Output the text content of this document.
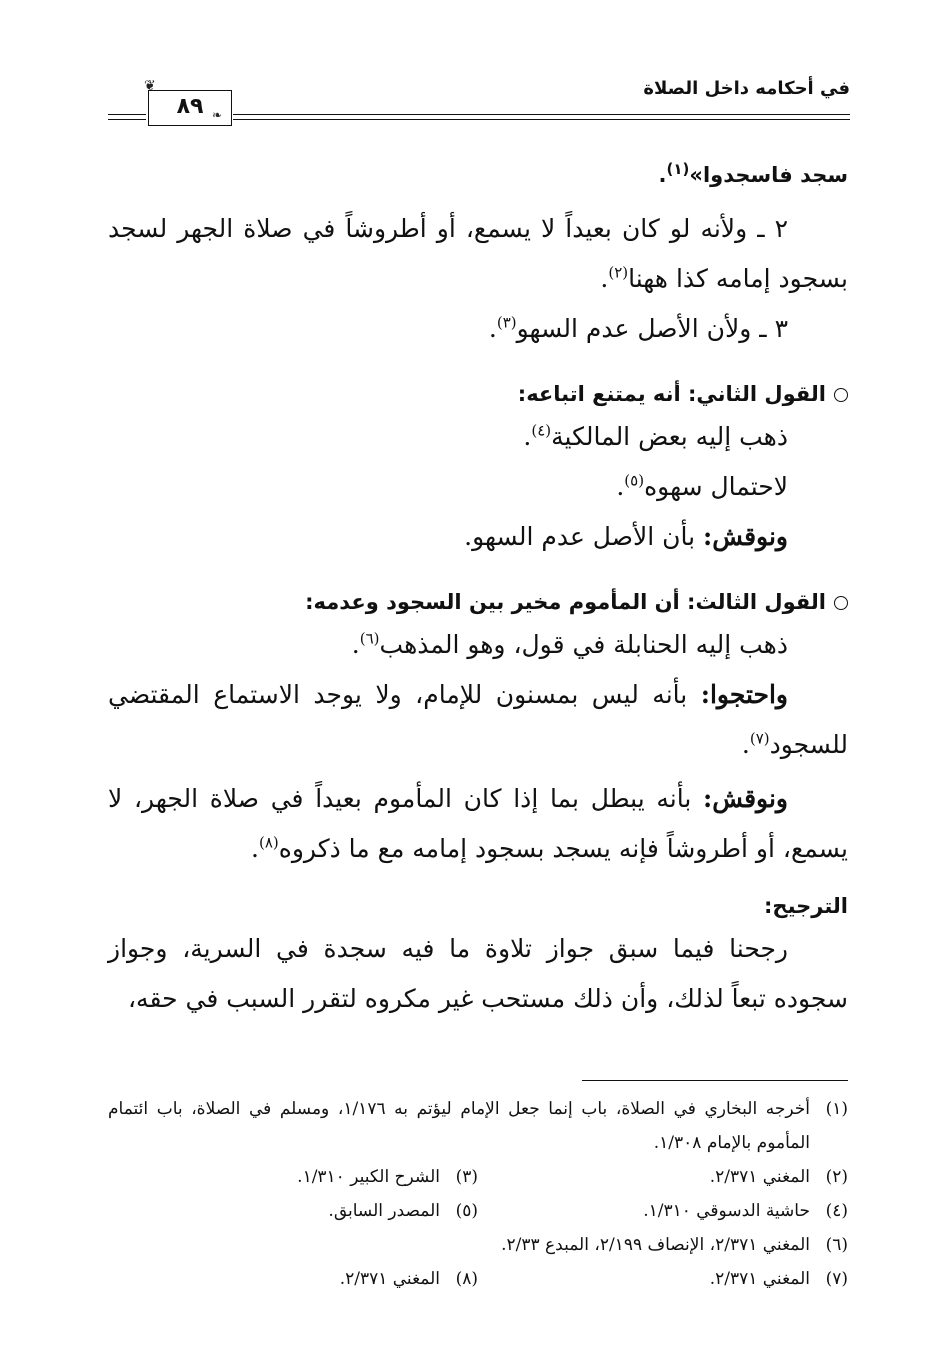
في أحكامه داخل الصلاة
٨٩
❦
❧

سجد فاسجدوا»$^{(١)}$.

٢ ـ ولأنه لو كان بعيداً لا يسمع، أو أطروشاً في صلاة الجهر لسجد بسجود إمامه كذا ههنا$^{(٢)}$.

٣ ـ ولأن الأصل عدم السهو$^{(٣)}$.

القول الثاني: أنه يمتنع اتباعه:

ذهب إليه بعض المالكية$^{(٤)}$.

لاحتمال سهوه$^{(٥)}$.

ونوقش: بأن الأصل عدم السهو.

القول الثالث: أن المأموم مخير بين السجود وعدمه:

ذهب إليه الحنابلة في قول، وهو المذهب$^{(٦)}$.

واحتجوا: بأنه ليس بمسنون للإمام، ولا يوجد الاستماع المقتضي للسجود$^{(٧)}$.

ونوقش: بأنه يبطل بما إذا كان المأموم بعيداً في صلاة الجهر، لا يسمع، أو أطروشاً فإنه يسجد بسجود إمامه مع ما ذكروه$^{(٨)}$.

الترجيح:

رجحنا فيما سبق جواز تلاوة ما فيه سجدة في السرية، وجواز سجوده تبعاً لذلك، وأن ذلك مستحب غير مكروه لتقرر السبب في حقه،

(١)
أخرجه البخاري في الصلاة، باب إنما جعل الإمام ليؤتم به ١/١٧٦، ومسلم في الصلاة، باب ائتمام المأموم بالإمام ١/٣٠٨.
(٢)
المغني ٢/٣٧١.
(٣)
الشرح الكبير ١/٣١٠.
(٤)
حاشية الدسوقي ١/٣١٠.
(٥)
المصدر السابق.
(٦)
المغني ٢/٣٧١، الإنصاف ٢/١٩٩، المبدع ٢/٣٣.
(٧)
المغني ٢/٣٧١.
(٨)
المغني ٢/٣٧١.
